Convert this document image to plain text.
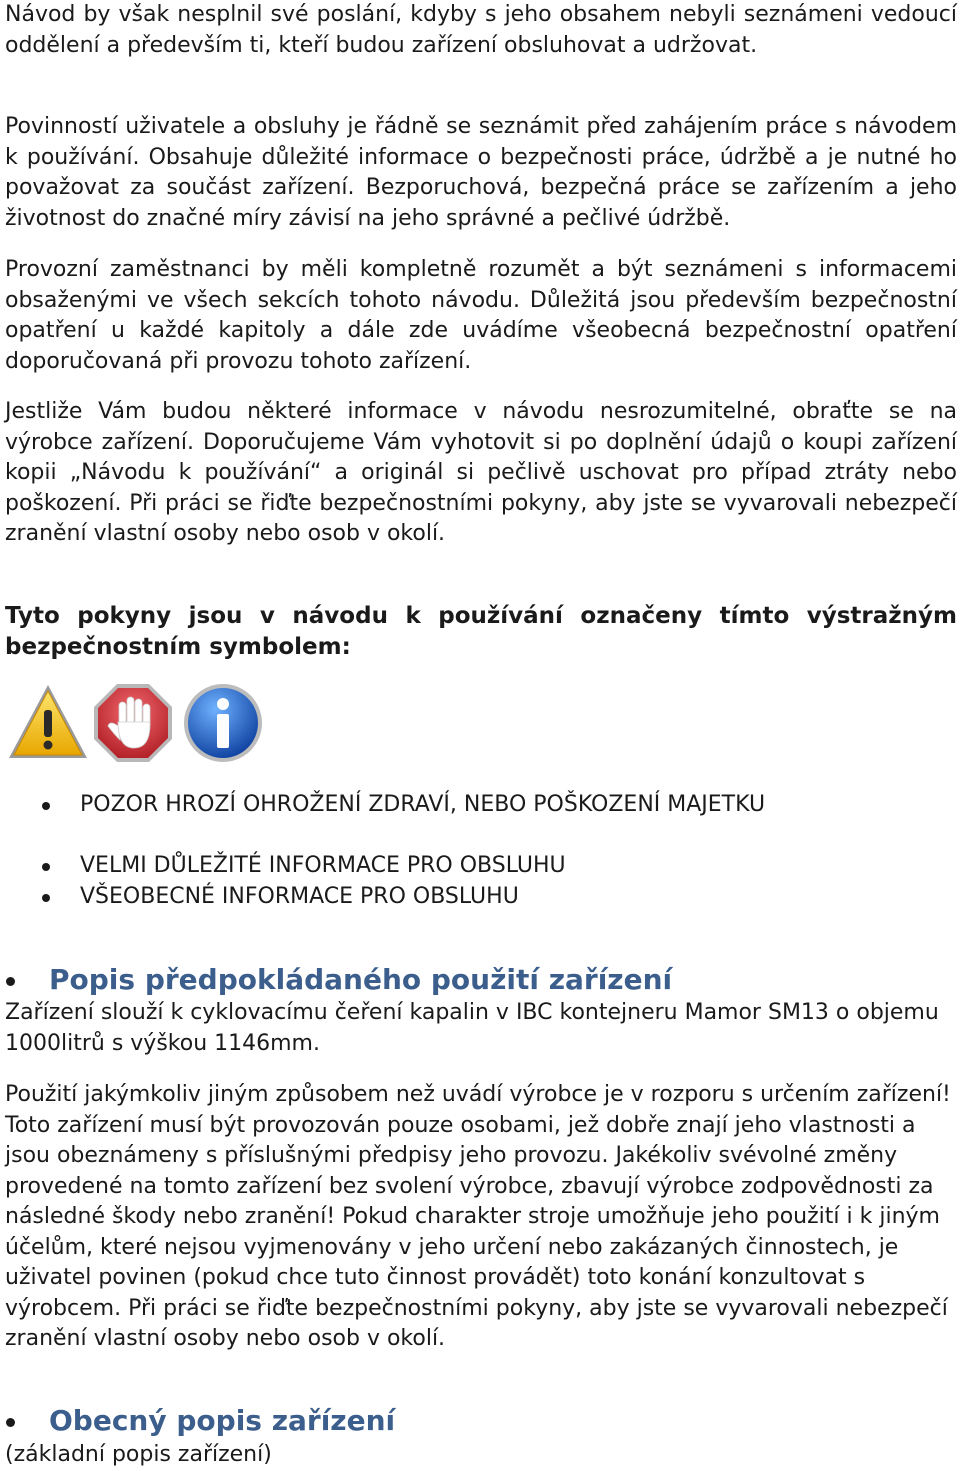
Návod by však nesplnil své poslání, kdyby s jeho obsahem nebyli seznámeni vedoucí oddělení a především ti, kteří budou zařízení obsluhovat a udržovat.

Povinností uživatele a obsluhy je řádně se seznámit před zahájením práce s návodem k používání. Obsahuje důležité informace o bezpečnosti práce, údržbě a je nutné ho považovat za součást zařízení. Bezporuchová, bezpečná práce se zařízením a jeho životnost do značné míry závisí na jeho správné a pečlivé údržbě.

Provozní zaměstnanci by měli kompletně rozumět a být seznámeni s informacemi obsaženými ve všech sekcích tohoto návodu. Důležitá jsou především bezpečnostní opatření u každé kapitoly a dále zde uvádíme všeobecná bezpečnostní opatření doporučovaná při provozu tohoto zařízení.

Jestliže Vám budou některé informace v návodu nesrozumitelné, obraťte se na výrobce zařízení. Doporučujeme Vám vyhotovit si po doplnění údajů o koupi zařízení kopii „Návodu k používání“ a originál si pečlivě uschovat pro případ ztráty nebo poškození. Při práci se řiďte bezpečnostními pokyny, aby jste se vyvarovali nebezpečí zranění vlastní osoby nebo osob v okolí.

Tyto pokyny jsou v návodu k používání označeny tímto výstražným bezpečnostním symbolem:

POZOR HROZÍ OHROŽENÍ ZDRAVÍ, NEBO POŠKOZENÍ MAJETKU
VELMI DŮLEŽITÉ INFORMACE PRO OBSLUHU
VŠEOBECNÉ INFORMACE PRO OBSLUHU
Popis předpokládaného použití zařízení

Zařízení slouží k cyklovacímu čeření kapalin v IBC kontejneru Mamor SM13 o objemu 1000litrů s výškou 1146mm.

Použití jakýmkoliv jiným způsobem než uvádí výrobce je v rozporu s určením zařízení! Toto zařízení musí být provozován pouze osobami, jež dobře znají jeho vlastnosti a jsou obeznámeny s příslušnými předpisy jeho provozu. Jakékoliv svévolné změny provedené na tomto zařízení bez svolení výrobce, zbavují výrobce zodpovědnosti za následné škody nebo zranění! Pokud charakter stroje umožňuje jeho použití i k jiným účelům, které nejsou vyjmenovány v jeho určení nebo zakázaných činnostech, je uživatel povinen (pokud chce tuto činnost provádět) toto konání konzultovat s výrobcem. Při práci se řiďte bezpečnostními pokyny, aby jste se vyvarovali nebezpečí zranění vlastní osoby nebo osob v okolí.

Obecný popis zařízení

(základní popis zařízení)
